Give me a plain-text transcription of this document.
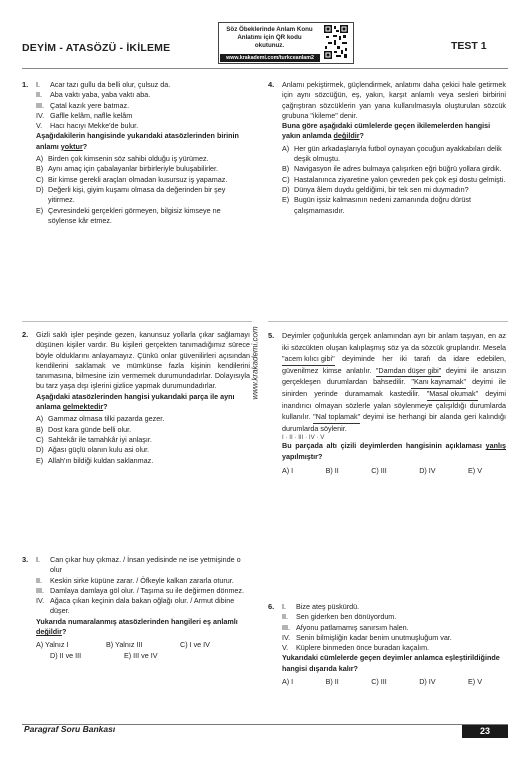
DEYİM - ATASÖZÜ - İKİLEME
Söz Öbeklerinde Anlam Konu Anlatımı için QR kodu okutunuz.
www.krakademi.com/turkceanlam2
TEST 1
www.krakademi.com
1.	I.	Acar tazı gullu da belli olur, çulsuz da.
II.	Aba vaktı yaba, yaba vaktı aba.
III. Çatal kazık yere batmaz.
IV. Gaflle kelâm, naflle kelâm
V.	Hacı hacıyı Mekke'de bulur.
Aşağıdakilerin hangisinde yukarıdaki atasözlerinden birinin anlamı yoktur?
A) Birden çok kimsenin söz sahibi olduğu iş yürümez.
B) Aynı amaç için çabalayanlar birbirleriyle buluşabilirler.
C) Bir kimse gerekli araçları olmadan kusursuz iş yapamaz.
D) Değerli kişi, giyim kuşamı olmasa da değerinden bir şey yitirmez.
E) Çevresindeki gerçekleri görmeyen, bilgisiz kimseye ne söylense kâr etmez.
2.	Gizli saklı işler peşinde gezen, kanunsuz yollarla çıkar sağlamayı düşünen kişiler vardır. Bu kişileri gerçekten tanımadığımız sürece böyle olduklarını anlayamayız. Çünkü onlar güvenilirleri açısından kendilerini saklamak ve mümkünse fazla kişinin kendilerini tanımasına, bilmesine izin vermemek durumundadırlar. Dolayısıyla bu tarz yaşa dışı işlerini gizlice yapmak durumundadırlar.
Aşağıdaki atasözlerinden hangisi yukarıdaki parça ile aynı anlama gelmektedir?
A) Gammaz olmasa tilki pazarda gezer.
B) Dost kara günde belli olur.
C) Sahtekâr ile tamahkâr iyi anlaşır.
D) Ağası güçlü olanın kulu asi olur.
E) Allah'ın bildiği kuldan saklanmaz.
3.	I.	Can çıkar huy çıkmaz. / İnsan yedisinde ne ise yetmişinde o olur
II.	Keskin sirke küpüne zarar. / Öfkeyle kalkan zararla oturur.
III. Damlaya damlaya göl olur. / Taşıma su ile değirmen dönmez.
IV. Ağaca çıkan keçinin dala bakan oğlağı olur. / Armut dibine düşer.
Yukarıda numaralanmış atasözlerinden hangileri eş anlamlı değildir?
A) Yalnız I	B) Yalnız III	C) I ve IV
D) II ve III	E) III ve IV
4.	Anlamı pekiştirmek, güçlendirmek, anlatımı daha çekici hale getirmek için aynı sözcüğün, eş, yakın, karşıt anlamlı veya sesleri birbirini çağrıştıran sözcüklerin yan yana kullanılmasıyla oluşturulan sözcük grubuna "ikileme" denir.
Buna göre aşağıdaki cümlelerde geçen ikilemelerden hangisi yakın anlamda değildir?
A) Her gün arkadaşlarıyla futbol oynayan çocuğun ayakkabıları delik deşik olmuştu.
B) Navigasyon ile adres bulmaya çalışırken eğri büğrü yollara girdik.
C) Hastalanınca ziyaretine yakın çevreden pek çok eşi dostu gelmişti.
D) Dünya âlem duydu geldiğimi, bir tek sen mi duymadın?
E) Bugün işsiz kalmasının nedeni zamanında doğru dürüst çalışmamasıdır.
5.	Deyimler çoğunlukla gerçek anlamından ayrı bir anlam taşıyan, en az iki sözcükten oluşan kalıplaşmış söz ya da sözcük gruplarıdır. Mesela "acem kılıcı gibi" deyiminde her iki tarafı da idare edebilen, güvenilmez kimse anlatılır. "Damdan düşer gibi" deyimi ile ansızın gerçekleşen durumlardan bahsedilir. "Kanı kaynamak" deyimi ile sinirden yerinde duramamak kastedilir. "Masal okumak" deyimi inandırıcı olmayan sözlerle yalan söylenmeye çalışıldığı durumlarda kullanılır. "Nal toplamak" deyimi ise herhangi bir alanda geri kalındığı durumlarda söylenir.
I · II · III · IV · V
Bu parçada altı çizili deyimlerden hangisinin açıklaması yanlış yapılmıştır?
A) I	B) II	C) III	D) IV	E) V
6.	I.	Bize ateş püskürdü.
II.	Sen giderken ben dönüyordum.
III. Afyonu patlamamış sanırsım halen.
IV. Senin bilmişliğin kadar benim unutmuşluğum var.
V.	Küplere binmeden önce buradan kaçalım.
Yukarıdaki cümlelerde geçen deyimler anlamca eşleştirildiğinde hangisi dışarıda kalır?
A) I	B) II	C) III	D) IV	E) V
Paragraf Soru Bankası	23
